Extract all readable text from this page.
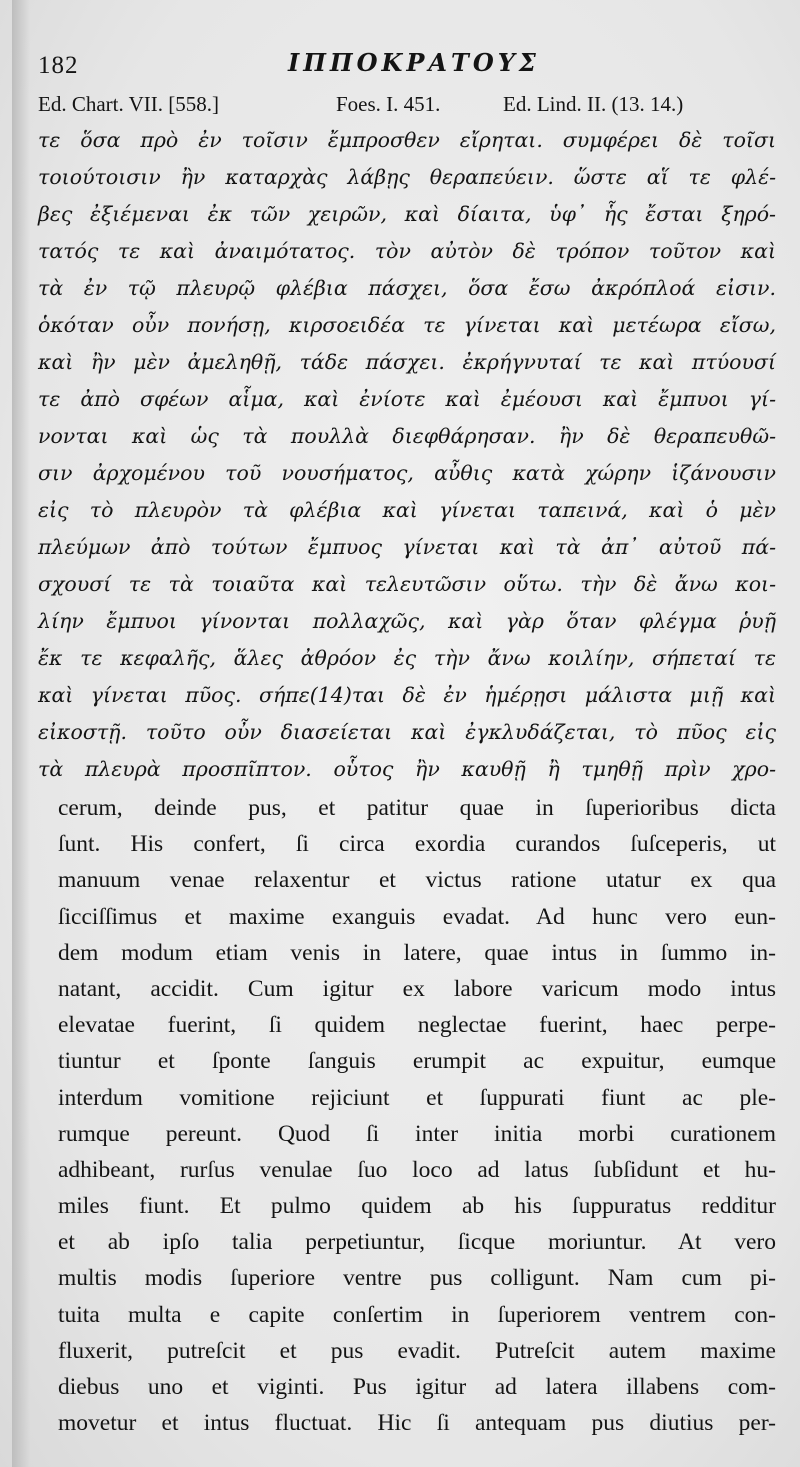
182	ΙΠΠΟΚΡΑΤΟΥΣ
Ed. Chart. VII. [558.]	Foes. I. 451.	Ed. Lind. II. (13. 14.)
τε ὅσα πρὸ ἐν τοῖσιν ἔμπροσθεν εἴρηται. συμφέρει δὲ τοῖσι
τοιούτοισιν ἢν καταρχὰς λάβῃς θεραπεύειν. ὥστε αἵ τε φλέ-
βες ἐξιέμεναι ἐκ τῶν χειρῶν, καὶ δίαιτα, ὑφ᾽ ἧς ἔσται ξηρό-
τατός τε καὶ ἀναιμότατος. τὸν αὐτὸν δὲ τρόπον τοῦτον καὶ
τὰ ἐν τῷ πλευρῷ φλέβια πάσχει, ὅσα ἔσω ἀκρόπλοά εἰσιν.
ὁκόταν οὖν πονήσῃ, κιρσοειδέα τε γίνεται καὶ μετέωρα εἴσω,
καὶ ἢν μὲν ἀμεληθῇ, τάδε πάσχει. ἐκρήγνυταί τε καὶ πτύουσί
τε ἀπὸ σφέων αἷμα, καὶ ἐνίοτε καὶ ἐμέουσι καὶ ἔμπυοι γί-
νονται καὶ ὡς τὰ πουλλὰ διεφθάρησαν. ἢν δὲ θεραπευθῶ-
σιν ἀρχομένου τοῦ νουσήματος, αὖθις κατὰ χώρην ἱζάνουσιν
εἰς τὸ πλευρὸν τὰ φλέβια καὶ γίνεται ταπεινά, καὶ ὁ μὲν
πλεύμων ἀπὸ τούτων ἔμπυος γίνεται καὶ τὰ ἀπ᾽ αὐτοῦ πά-
σχουσί τε τὰ τοιαῦτα καὶ τελευτῶσιν οὕτω. τὴν δὲ ἄνω κοι-
λίην ἔμπυοι γίνονται πολλαχῶς, καὶ γὰρ ὅταν φλέγμα ῥυῇ
ἔκ τε κεφαλῆς, ἅλες ἀθρόον ἐς τὴν ἄνω κοιλίην, σήπεταί τε
καὶ γίνεται πῦος. σήπε(14)ται δὲ ἐν ἡμέρῃσι μάλιστα μιῇ καὶ
εἰκοστῇ. τοῦτο οὖν διασείεται καὶ ἐγκλυδάζεται, τὸ πῦος εἰς
τὰ πλευρὰ προσπῖπτον. οὗτος ἢν καυθῇ ἢ τμηθῇ πρὶν χρο-
cerum, deinde pus, et patitur quae in ſuperioribus dicta
ſunt. His confert, ſi circa exordia curandos ſuſceperis, ut
manuum venae relaxentur et victus ratione utatur ex qua
ſicciſſimus et maxime exanguis evadat. Ad hunc vero eun-
dem modum etiam venis in latere, quae intus in ſummo in-
natant, accidit. Cum igitur ex labore varicum modo intus
elevatae fuerint, ſi quidem neglectae fuerint, haec perpe-
tiuntur et ſponte ſanguis erumpit ac expuitur, eumque
interdum vomitione rejiciunt et ſuppurati fiunt ac ple-
rumque pereunt. Quod ſi inter initia morbi curationem
adhibeant, rurſus venulae ſuo loco ad latus ſubſidunt et hu-
miles fiunt. Et pulmo quidem ab his ſuppuratus redditur
et ab ipſo talia perpetiuntur, ſicque moriuntur. At vero
multis modis ſuperiore ventre pus colligunt. Nam cum pi-
tuita multa e capite conſertim in ſuperiorem ventrem con-
fluxerit, putreſcit et pus evadit. Putreſcit autem maxime
diebus uno et viginti. Pus igitur ad latera illabens com-
movetur et intus fluctuat. Hic ſi antequam pus diutius per-
